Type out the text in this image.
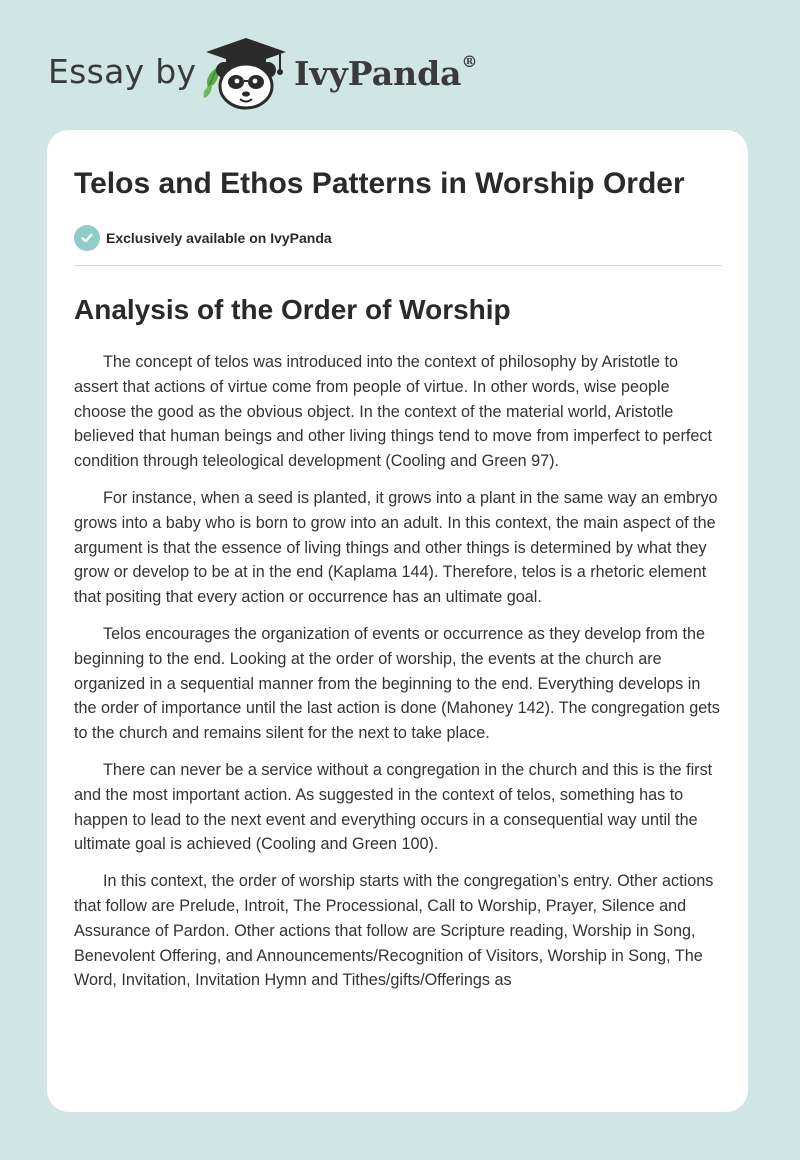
Essay by	IvyPanda®
Telos and Ethos Patterns in Worship Order
Exclusively available on IvyPanda
Analysis of the Order of Worship

The concept of telos was introduced into the context of philosophy by Aristotle to assert that actions of virtue come from people of virtue. In other words, wise people choose the good as the obvious object. In the context of the material world, Aristotle believed that human beings and other living things tend to move from imperfect to perfect condition through teleological development (Cooling and Green 97).

For instance, when a seed is planted, it grows into a plant in the same way an embryo grows into a baby who is born to grow into an adult. In this context, the main aspect of the argument is that the essence of living things and other things is determined by what they grow or develop to be at in the end (Kaplama 144). Therefore, telos is a rhetoric element that positing that every action or occurrence has an ultimate goal.

Telos encourages the organization of events or occurrence as they develop from the beginning to the end. Looking at the order of worship, the events at the church are organized in a sequential manner from the beginning to the end. Everything develops in the order of importance until the last action is done (Mahoney 142). The congregation gets to the church and remains silent for the next to take place.

There can never be a service without a congregation in the church and this is the first and the most important action. As suggested in the context of telos, something has to happen to lead to the next event and everything occurs in a consequential way until the ultimate goal is achieved (Cooling and Green 100).

In this context, the order of worship starts with the congregation’s entry. Other actions that follow are Prelude, Introit, The Processional, Call to Worship, Prayer, Silence and Assurance of Pardon. Other actions that follow are Scripture reading, Worship in Song, Benevolent Offering, and Announcements/Recognition of Visitors, Worship in Song, The Word, Invitation, Invitation Hymn and Tithes/gifts/Offerings as
